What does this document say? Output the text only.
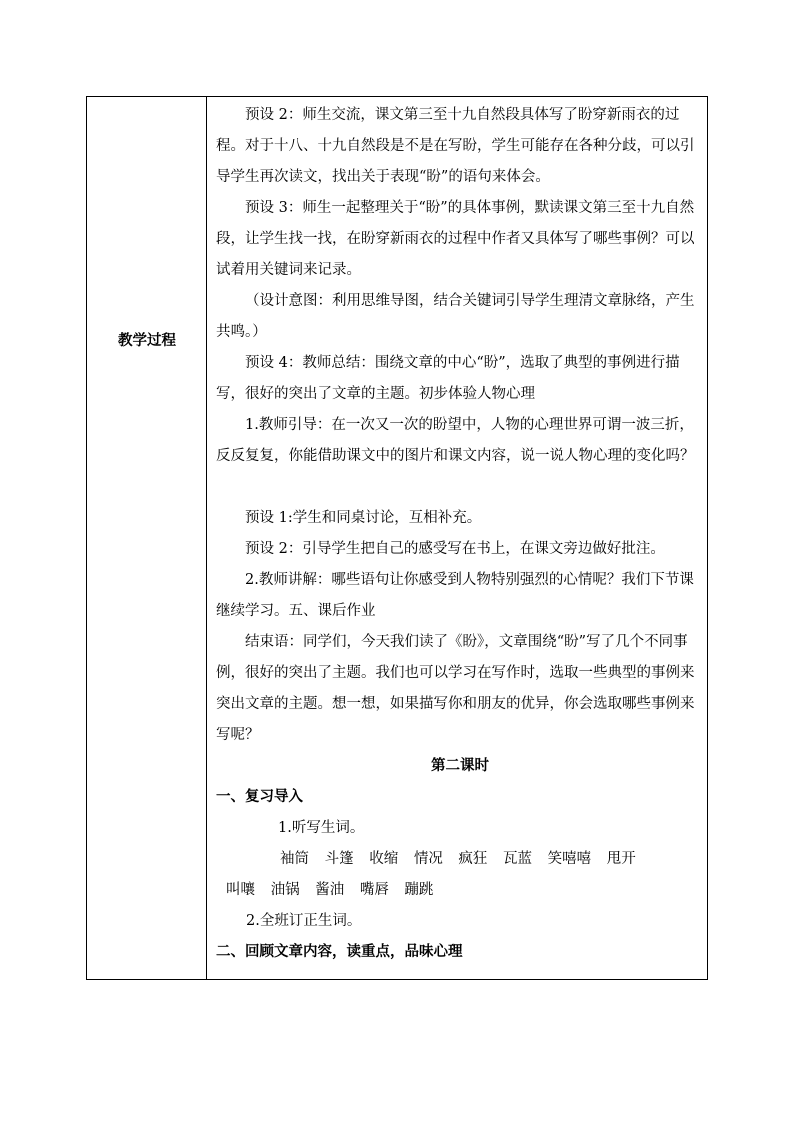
教学过程

预设 2：师生交流，课文第三至十九自然段具体写了盼穿新雨衣的过程。对于十八、十九自然段是不是在写盼，学生可能存在各种分歧，可以引导学生再次读文，找出关于表现“盼”的语句来体会。

预设 3：师生一起整理关于“盼”的具体事例，默读课文第三至十九自然段，让学生找一找，在盼穿新雨衣的过程中作者又具体写了哪些事例？可以试着用关键词来记录。

（设计意图：利用思维导图，结合关键词引导学生理清文章脉络，产生共鸣。）

预设 4：教师总结：围绕文章的中心“盼”，选取了典型的事例进行描写，很好的突出了文章的主题。初步体验人物心理

1.教师引导：在一次又一次的盼望中，人物的心理世界可谓一波三折，反反复复，你能借助课文中的图片和课文内容，说一说人物心理的变化吗？

预设 1:学生和同桌讨论，互相补充。

预设 2：引导学生把自己的感受写在书上，在课文旁边做好批注。

2.教师讲解：哪些语句让你感受到人物特别强烈的心情呢？我们下节课继续学习。五、课后作业

结束语：同学们，今天我们读了《盼》，文章围绕“盼”写了几个不同事例，很好的突出了主题。我们也可以学习在写作时，选取一些典型的事例来突出文章的主题。想一想，如果描写你和朋友的优异，你会选取哪些事例来写呢？

第二课时

一、复习导入

1.听写生词。

袖筒 斗篷 收缩 情况 疯狂 瓦蓝 笑嘻嘻 甩开
叫嚷 油锅 酱油 嘴唇 蹦跳

2.全班订正生词。

二、回顾文章内容，读重点，品味心理
